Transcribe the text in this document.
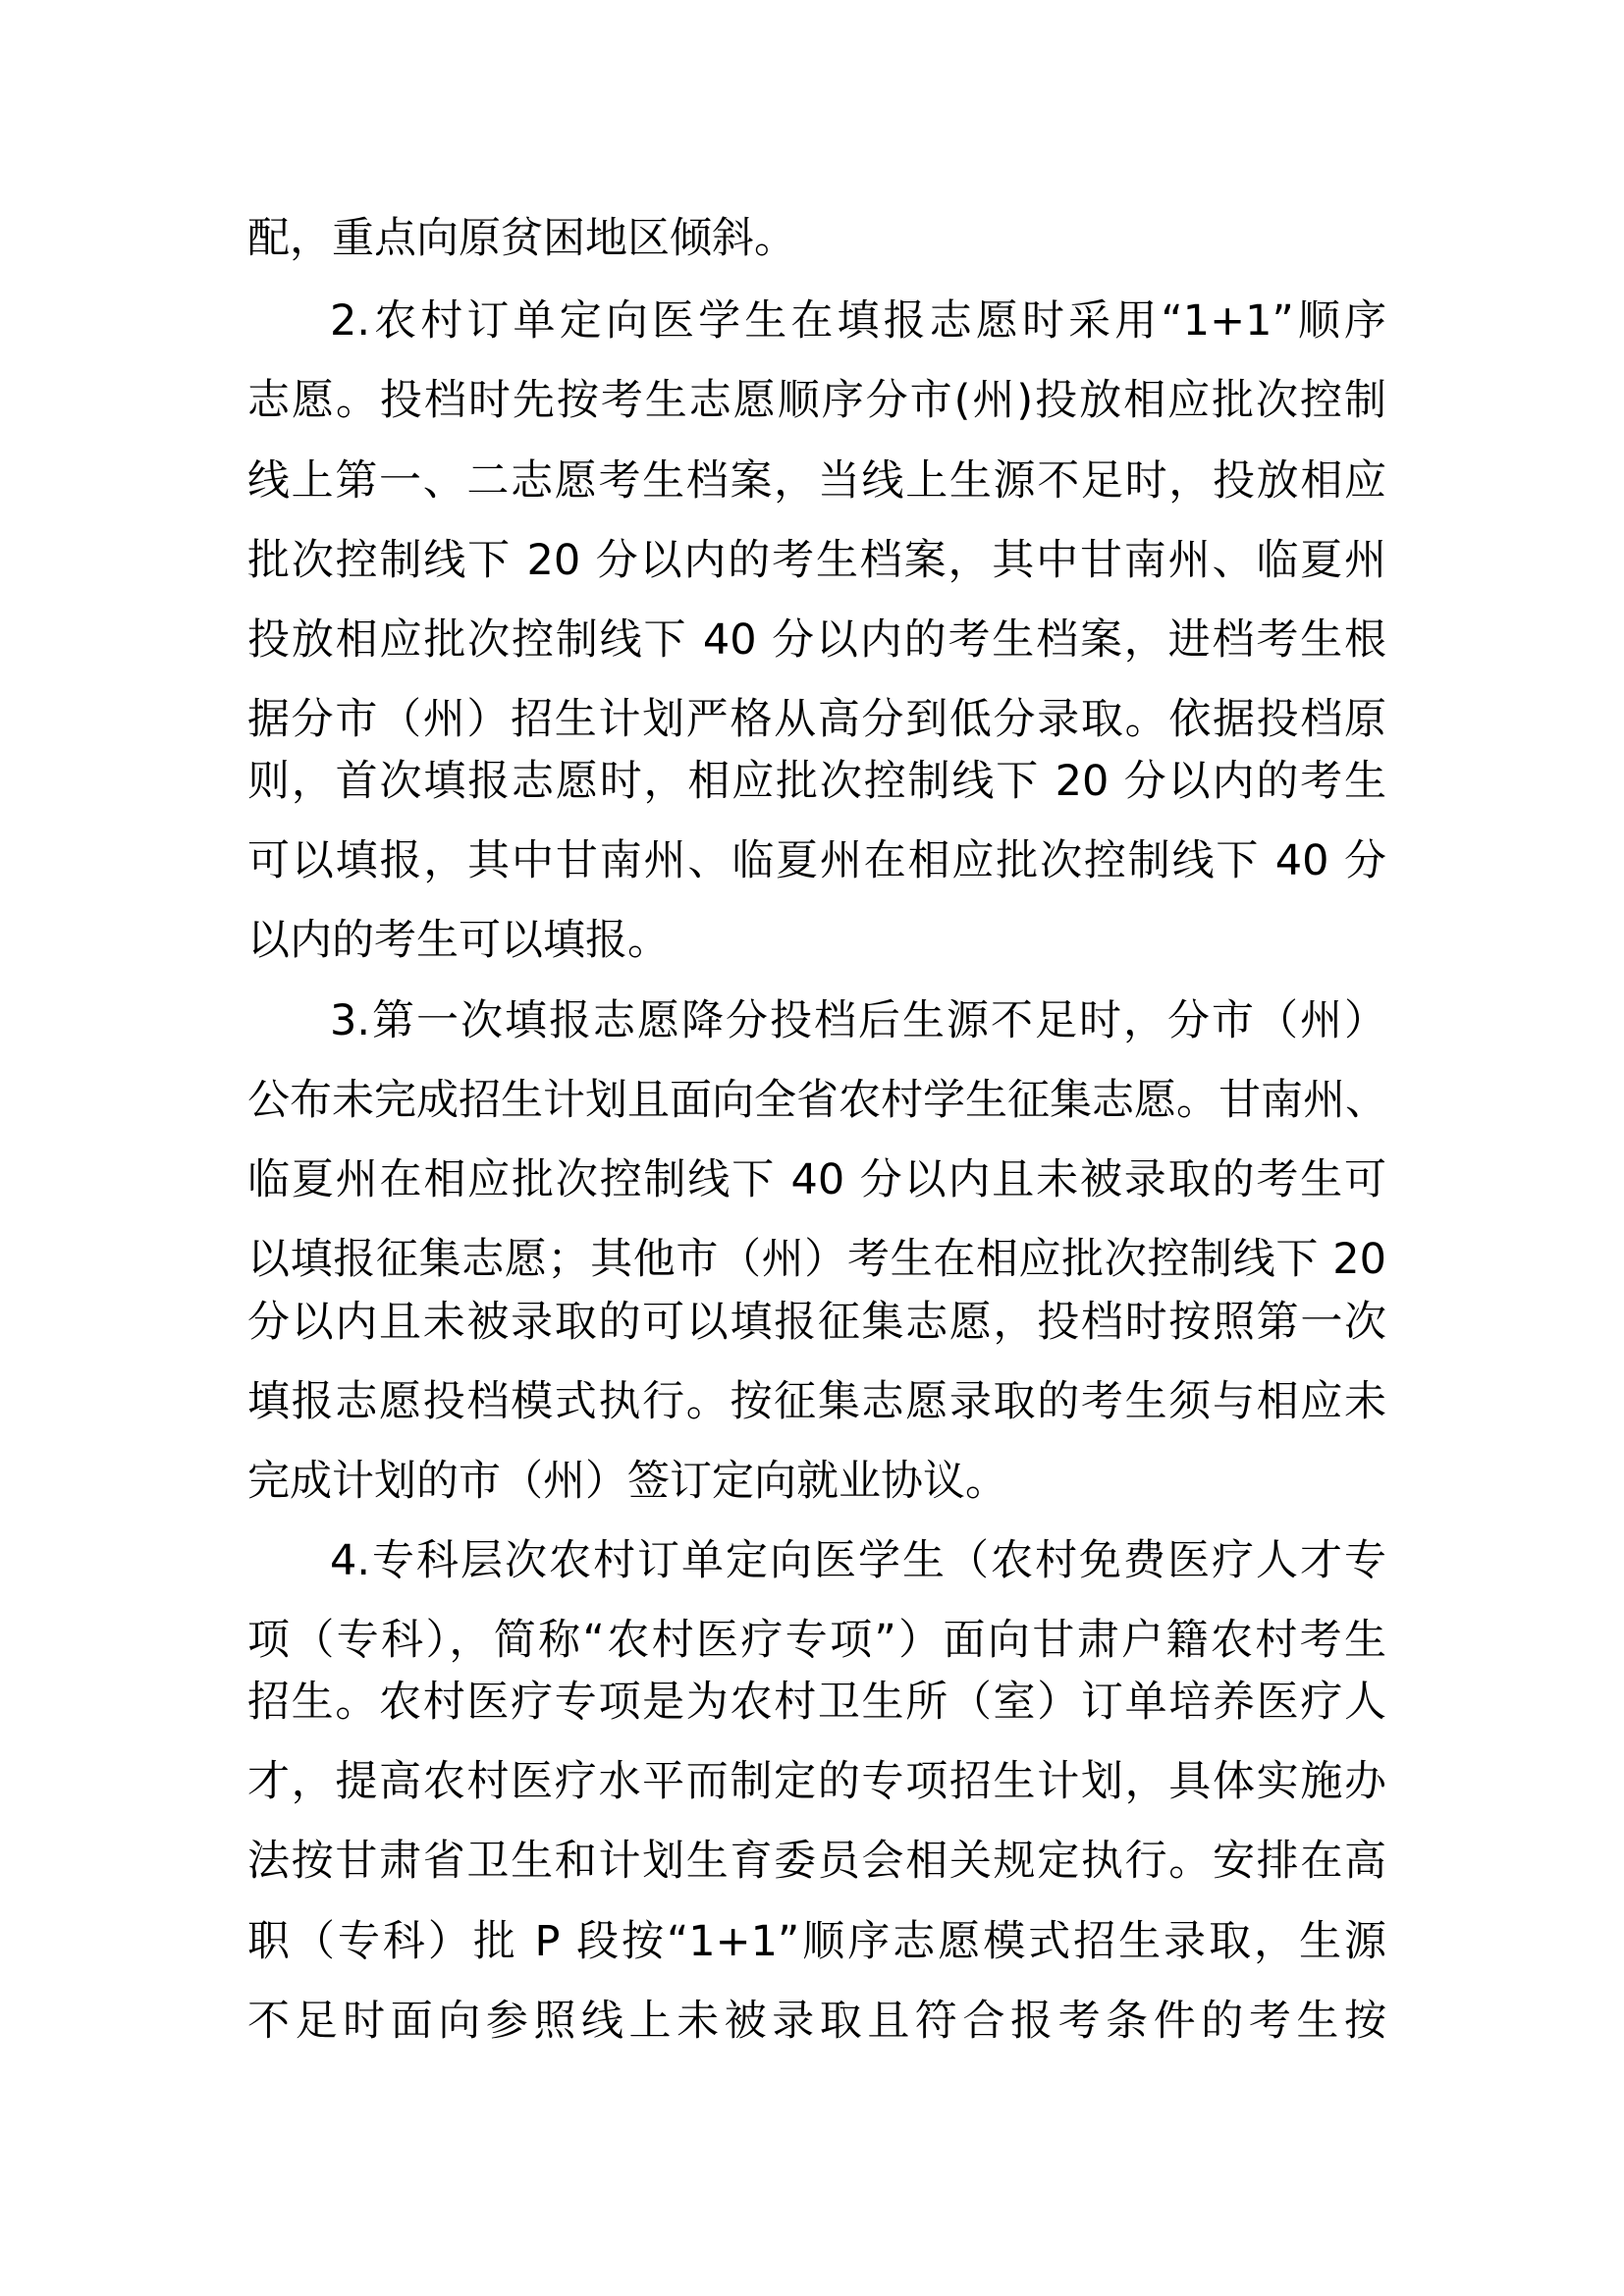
配，重点向原贫困地区倾斜。

2.农村订单定向医学生在填报志愿时采用“1+1”顺序

志愿。投档时先按考生志愿顺序分市(州)投放相应批次控制

线上第一、二志愿考生档案，当线上生源不足时，投放相应

批次控制线下 20 分以内的考生档案，其中甘南州、临夏州

投放相应批次控制线下 40 分以内的考生档案，进档考生根

据分市（州）招生计划严格从高分到低分录取。依据投档原

则，首次填报志愿时，相应批次控制线下 20 分以内的考生

可以填报，其中甘南州、临夏州在相应批次控制线下 40 分

以内的考生可以填报。

3.第一次填报志愿降分投档后生源不足时，分市（州）

公布未完成招生计划且面向全省农村学生征集志愿。甘南州、

临夏州在相应批次控制线下 40 分以内且未被录取的考生可

以填报征集志愿；其他市（州）考生在相应批次控制线下 20

分以内且未被录取的可以填报征集志愿，投档时按照第一次

填报志愿投档模式执行。按征集志愿录取的考生须与相应未

完成计划的市（州）签订定向就业协议。

4.专科层次农村订单定向医学生（农村免费医疗人才专

项（专科），简称“农村医疗专项”）面向甘肃户籍农村考生

招生。农村医疗专项是为农村卫生所（室）订单培养医疗人

才，提高农村医疗水平而制定的专项招生计划，具体实施办

法按甘肃省卫生和计划生育委员会相关规定执行。安排在高

职（专科）批 P 段按“1+1”顺序志愿模式招生录取，生源

不足时面向参照线上未被录取且符合报考条件的考生按
